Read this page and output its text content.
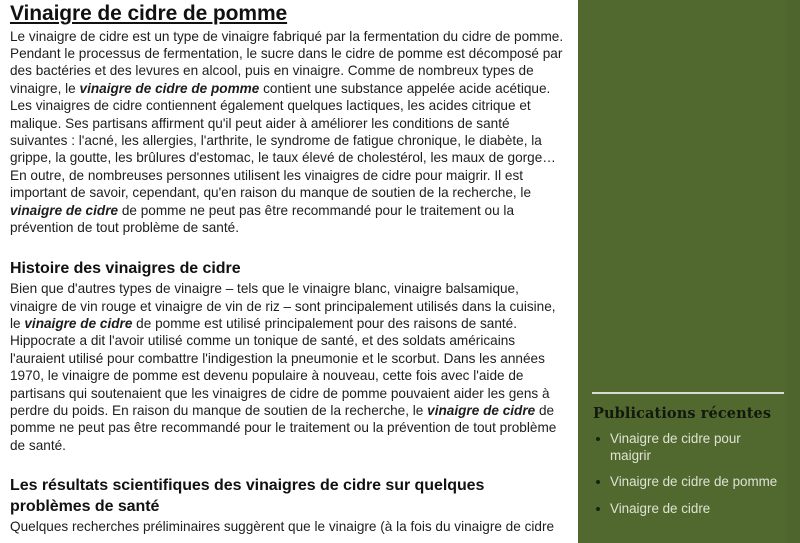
Vinaigre de cidre de pomme

Le vinaigre de cidre est un type de vinaigre fabriqué par la fermentation du cidre de pomme. Pendant le processus de fermentation, le sucre dans le cidre de pomme est décomposé par des bactéries et des levures en alcool, puis en vinaigre. Comme de nombreux types de vinaigre, le vinaigre de cidre de pomme contient une substance appelée acide acétique. Les vinaigres de cidre contiennent également quelques lactiques, les acides citrique et malique. Ses partisans affirment qu'il peut aider à améliorer les conditions de santé suivantes : l'acné, les allergies, l'arthrite, le syndrome de fatigue chronique, le diabète, la grippe, la goutte, les brûlures d'estomac, le taux élevé de cholestérol, les maux de gorge… En outre, de nombreuses personnes utilisent les vinaigres de cidre pour maigrir. Il est important de savoir, cependant, qu'en raison du manque de soutien de la recherche, le vinaigre de cidre de pomme ne peut pas être recommandé pour le traitement ou la prévention de tout problème de santé.

Histoire des vinaigres de cidre

Bien que d'autres types de vinaigre – tels que le vinaigre blanc, vinaigre balsamique, vinaigre de vin rouge et vinaigre de vin de riz – sont principalement utilisés dans la cuisine, le vinaigre de cidre de pomme est utilisé principalement pour des raisons de santé. Hippocrate a dit l'avoir utilisé comme un tonique de santé, et des soldats américains l'auraient utilisé pour combattre l'indigestion la pneumonie et le scorbut. Dans les années 1970, le vinaigre de pomme est devenu populaire à nouveau, cette fois avec l'aide de partisans qui soutenaient que les vinaigres de cidre de pomme pouvaient aider les gens à perdre du poids. En raison du manque de soutien de la recherche, le vinaigre de cidre de pomme ne peut pas être recommandé pour le traitement ou la prévention de tout problème de santé.

Les résultats scientifiques des vinaigres de cidre sur quelques problèmes de santé

Quelques recherches préliminaires suggèrent que le vinaigre (à la fois du vinaigre de cidre

Publications récentes
Vinaigre de cidre pour maigrir
Vinaigre de cidre de pomme
Vinaigre de cidre
